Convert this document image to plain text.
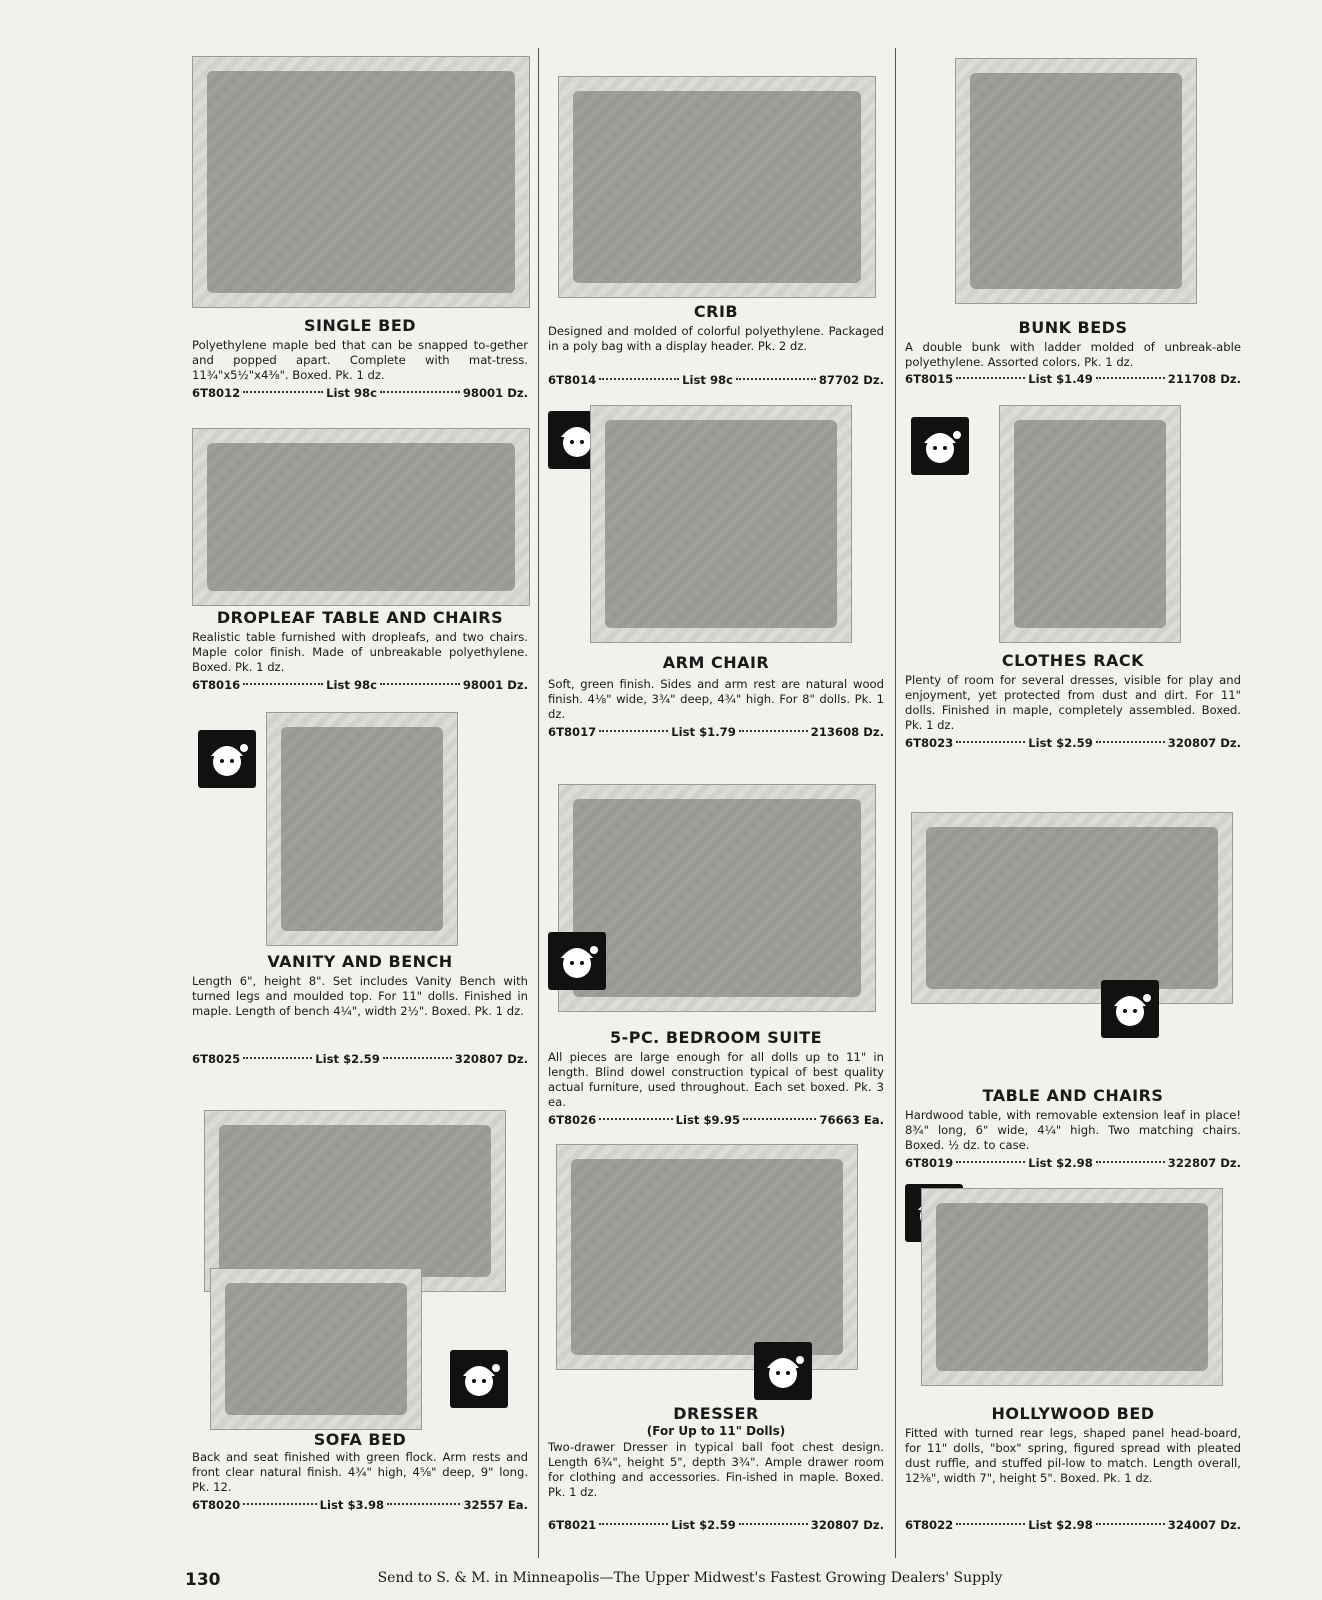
SINGLE BED
Polyethylene maple bed that can be snapped to-gether and popped apart. Complete with mat-tress. 11¾"x5½"x4⅜". Boxed. Pk. 1 dz.
6T8012	List 98c	98001 Dz.
DROPLEAF TABLE AND CHAIRS
Realistic table furnished with dropleafs, and two chairs. Maple color finish. Made of unbreakable polyethylene. Boxed. Pk. 1 dz.
6T8016	List 98c	98001 Dz.
VANITY AND BENCH
Length 6", height 8". Set includes Vanity Bench with turned legs and moulded top. For 11" dolls. Finished in maple. Length of bench 4¼", width 2½". Boxed. Pk. 1 dz.
6T8025	List $2.59	320807 Dz.
SOFA BED
Back and seat finished with green flock. Arm rests and front clear natural finish. 4¾" high, 4⅝" deep, 9" long. Pk. 12.
6T8020	List $3.98	32557 Ea.
CRIB
Designed and molded of colorful polyethylene. Packaged in a poly bag with a display header. Pk. 2 dz.
6T8014	List 98c	87702 Dz.
ARM CHAIR
Soft, green finish. Sides and arm rest are natural wood finish. 4⅛" wide, 3¾" deep, 4¾" high. For 8" dolls. Pk. 1 dz.
6T8017	List $1.79	213608 Dz.
5-PC. BEDROOM SUITE
All pieces are large enough for all dolls up to 11" in length. Blind dowel construction typical of best quality actual furniture, used throughout. Each set boxed. Pk. 3 ea.
6T8026	List $9.95	76663 Ea.
DRESSER
(For Up to 11" Dolls)
Two-drawer Dresser in typical ball foot chest design. Length 6¾", height 5", depth 3¾". Ample drawer room for clothing and accessories. Fin-ished in maple. Boxed. Pk. 1 dz.
6T8021	List $2.59	320807 Dz.
BUNK BEDS
A double bunk with ladder molded of unbreak-able polyethylene. Assorted colors. Pk. 1 dz.
6T8015	List $1.49	211708 Dz.
CLOTHES RACK
Plenty of room for several dresses, visible for play and enjoyment, yet protected from dust and dirt. For 11" dolls. Finished in maple, completely assembled. Boxed. Pk. 1 dz.
6T8023	List $2.59	320807 Dz.
TABLE AND CHAIRS
Hardwood table, with removable extension leaf in place! 8¾" long, 6" wide, 4¼" high. Two matching chairs. Boxed. ½ dz. to case.
6T8019	List $2.98	322807 Dz.
HOLLYWOOD BED
Fitted with turned rear legs, shaped panel head-board, for 11" dolls, "box" spring, figured spread with pleated dust ruffle, and stuffed pil-low to match. Length overall, 12⅜", width 7", height 5". Boxed. Pk. 1 dz.
6T8022	List $2.98	324007 Dz.
130	Send to S. & M. in Minneapolis—The Upper Midwest's Fastest Growing Dealers' Supply
